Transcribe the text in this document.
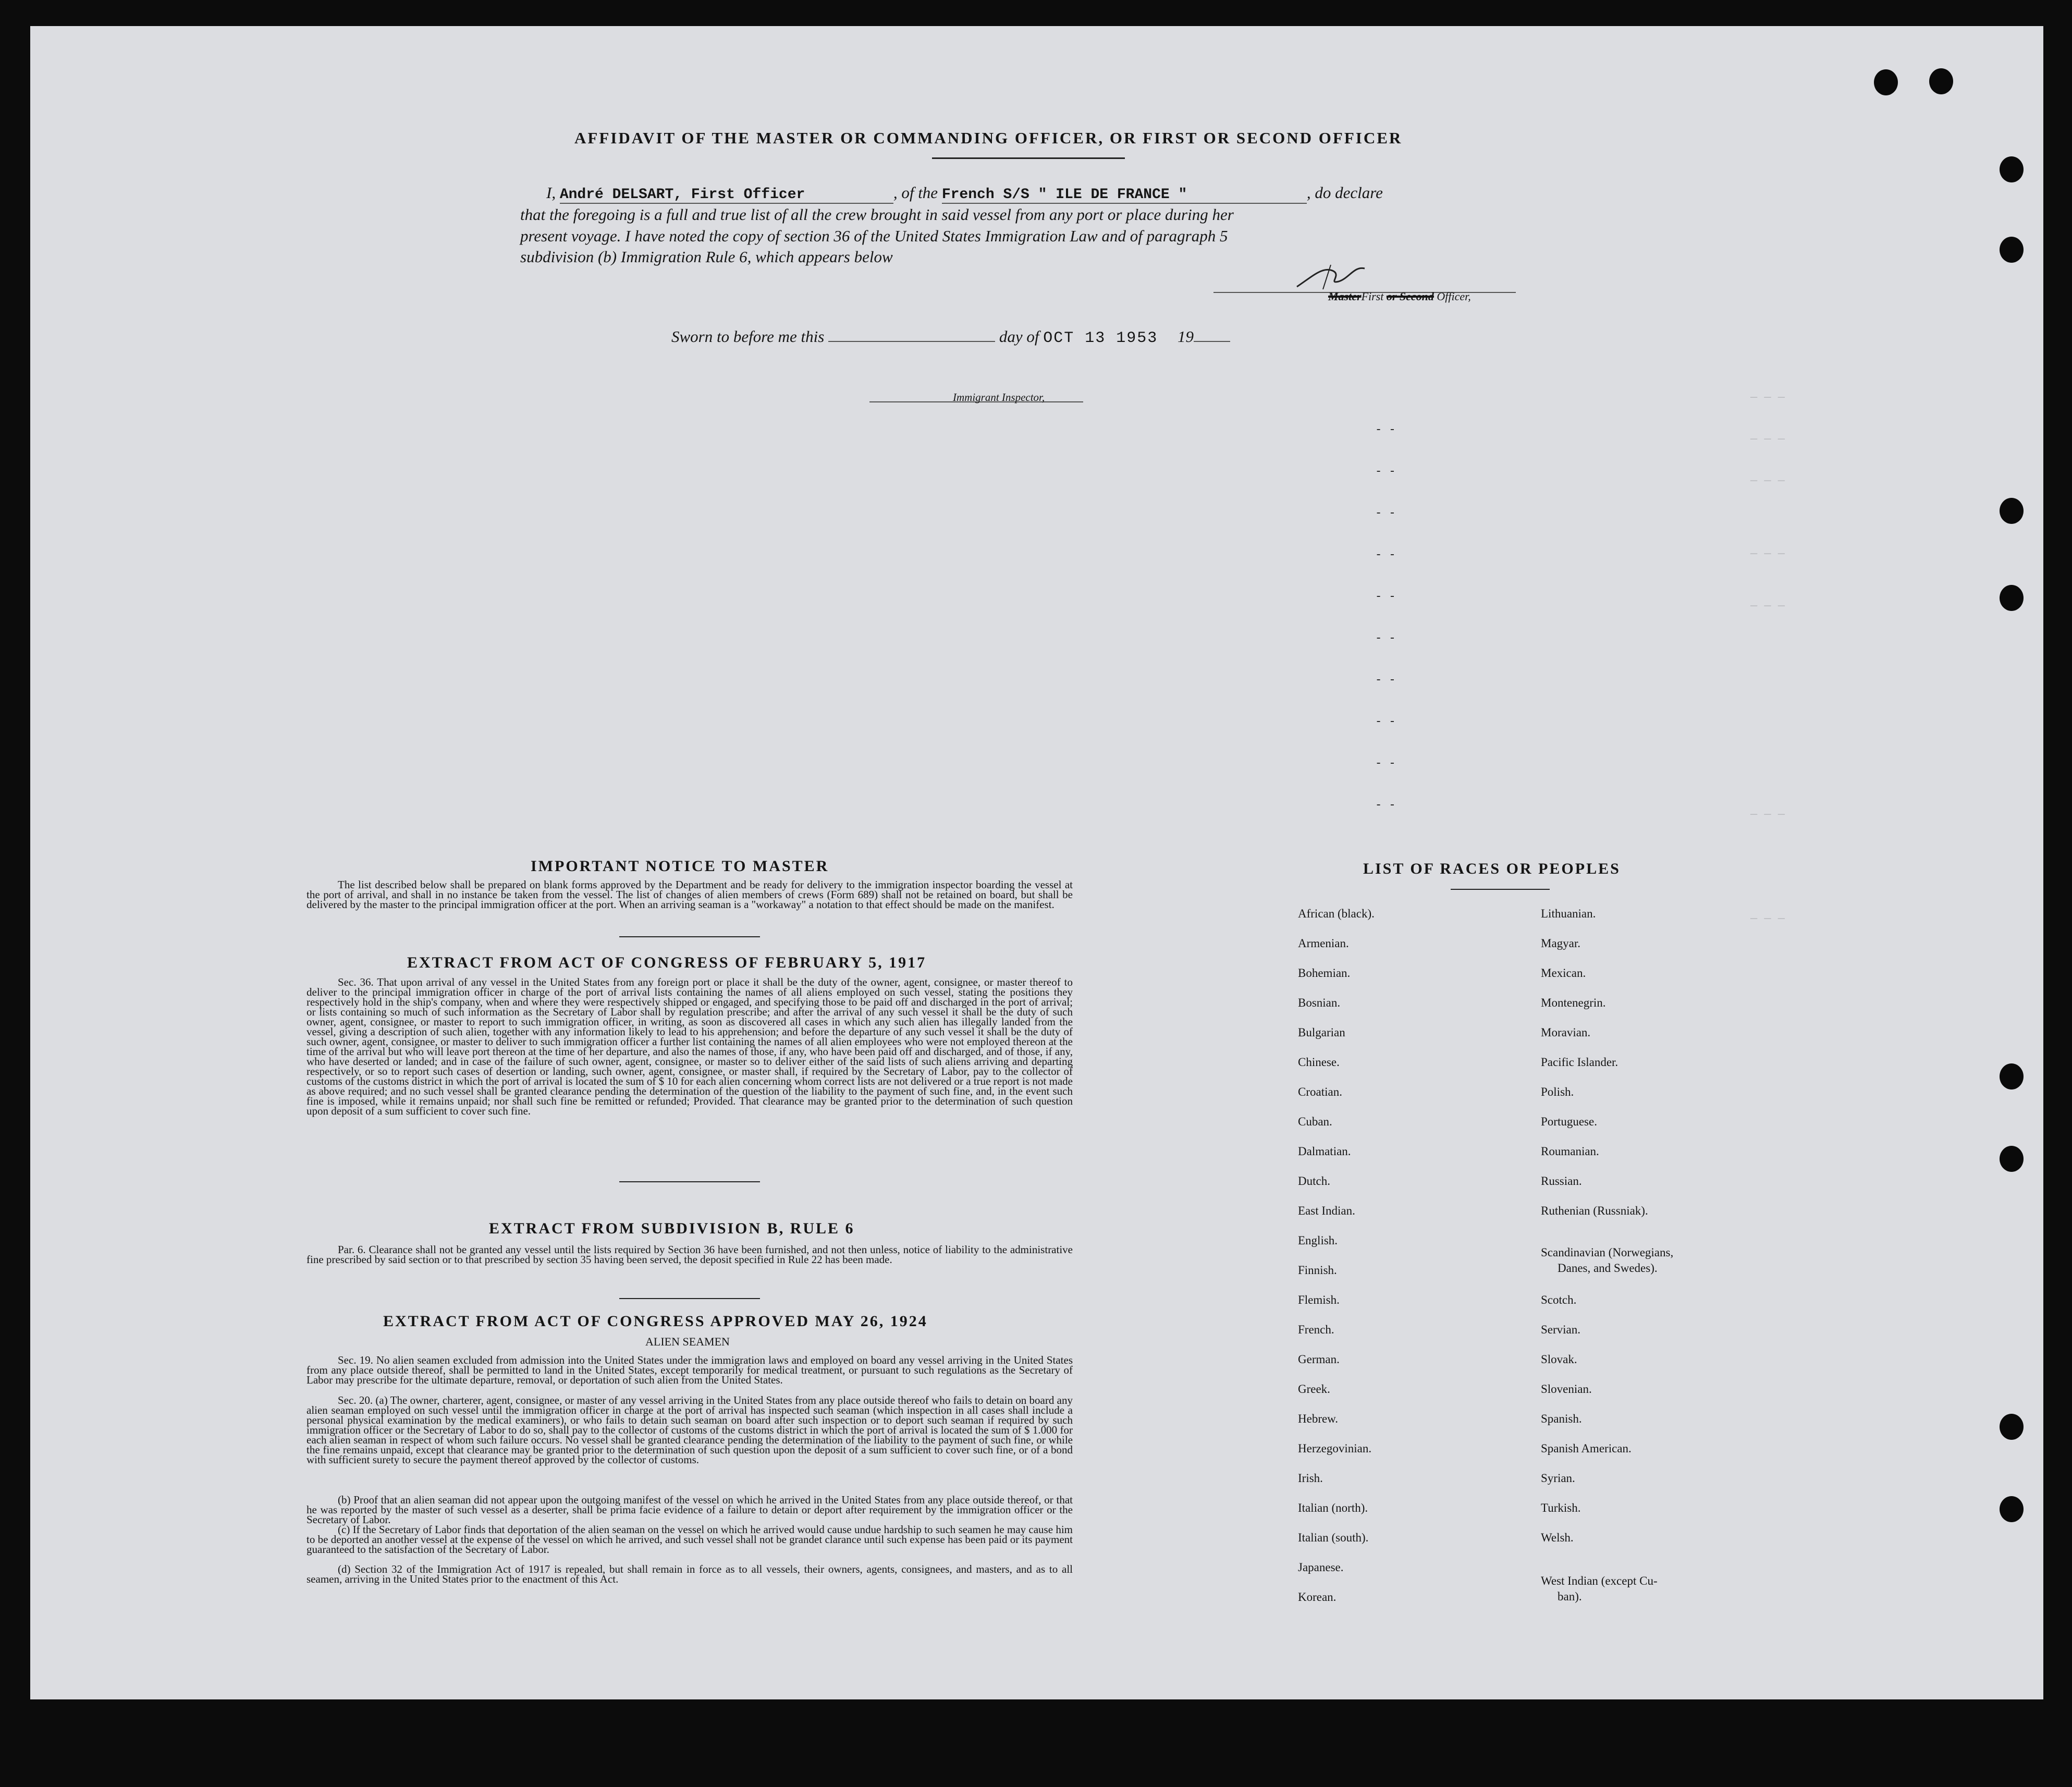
— — —
— — —
— — —
— — —
— — —
— — —
— — —
- -
- -
- -
- -
- -
- -
- -
- -
- -
- -
AFFIDAVIT OF THE MASTER OR COMMANDING OFFICER, OR FIRST OR SECOND OFFICER
I, André DELSART, First Officer	, of the French S/S " ILE DE FRANCE "	, do declare
that the foregoing is a full and true list of all the crew brought in said vessel from any port or place during her
present voyage. I have noted the copy of section 36 of the United States Immigration Law and of paragraph 5
subdivision (b) Immigration Rule 6, which appears below
MasterFirst or Second Officer,
Sworn to before me this	day of OCT 13 1953 19
Immigrant Inspector,
IMPORTANT NOTICE TO MASTER
The list described below shall be prepared on blank forms approved by the Department and be ready for delivery to the immigration inspector boarding the vessel at the port of arrival, and shall in no instance be taken from the vessel. The list of changes of alien members of crews (Form 689) shall not be retained on board, but shall be delivered by the master to the principal immigration officer at the port. When an arriving seaman is a "workaway" a notation to that effect should be made on the manifest.
EXTRACT FROM ACT OF CONGRESS OF FEBRUARY 5, 1917
Sec. 36. That upon arrival of any vessel in the United States from any foreign port or place it shall be the duty of the owner, agent, consignee, or master thereof to deliver to the principal immigration officer in charge of the port of arrival lists containing the names of all aliens employed on such vessel, stating the positions they respectively hold in the ship's company, when and where they were respectively shipped or engaged, and specifying those to be paid off and discharged in the port of arrival; or lists containing so much of such information as the Secretary of Labor shall by regulation prescribe; and after the arrival of any such vessel it shall be the duty of such owner, agent, consignee, or master to report to such immigration officer, in writing, as soon as discovered all cases in which any such alien has illegally landed from the vessel, giving a description of such alien, together with any information likely to lead to his apprehension; and before the departure of any such vessel it shall be the duty of such owner, agent, consignee, or master to deliver to such immigration officer a further list containing the names of all alien employees who were not employed thereon at the time of the arrival but who will leave port thereon at the time of her departure, and also the names of those, if any, who have been paid off and discharged, and of those, if any, who have deserted or landed; and in case of the failure of such owner, agent, consignee, or master so to deliver either of the said lists of such aliens arriving and departing respectively, or so to report such cases of desertion or landing, such owner, agent, consignee, or master shall, if required by the Secretary of Labor, pay to the collector of customs of the customs district in which the port of arrival is located the sum of $ 10 for each alien concerning whom correct lists are not delivered or a true report is not made as above required; and no such vessel shall be granted clearance pending the determination of the question of the liability to the payment of such fine, and, in the event such fine is imposed, while it remains unpaid; nor shall such fine be remitted or refunded; Provided. That clearance may be granted prior to the determination of such question upon deposit of a sum sufficient to cover such fine.
EXTRACT FROM SUBDIVISION B, RULE 6
Par. 6. Clearance shall not be granted any vessel until the lists required by Section 36 have been furnished, and not then unless, notice of liability to the administrative fine prescribed by said section or to that prescribed by section 35 having been served, the deposit specified in Rule 22 has been made.
EXTRACT FROM ACT OF CONGRESS APPROVED MAY 26, 1924
ALIEN SEAMEN
Sec. 19. No alien seamen excluded from admission into the United States under the immigration laws and employed on board any vessel arriving in the United States from any place outside thereof, shall be permitted to land in the United States, except temporarily for medical treatment, or pursuant to such regulations as the Secretary of Labor may prescribe for the ultimate departure, removal, or deportation of such alien from the United States.
Sec. 20. (a) The owner, charterer, agent, consignee, or master of any vessel arriving in the United States from any place outside thereof who fails to detain on board any alien seaman employed on such vessel until the immigration officer in charge at the port of arrival has inspected such seaman (which inspection in all cases shall include a personal physical examination by the medical examiners), or who fails to detain such seaman on board after such inspection or to deport such seaman if required by such immigration officer or the Secretary of Labor to do so, shall pay to the collector of customs of the customs district in which the port of arrival is located the sum of $ 1.000 for each alien seaman in respect of whom such failure occurs. No vessel shall be granted clearance pending the determination of the liability to the payment of such fine, or while the fine remains unpaid, except that clearance may be granted prior to the determination of such question upon the deposit of a sum sufficient to cover such fine, or of a bond with sufficient surety to secure the payment thereof approved by the collector of customs.
(b) Proof that an alien seaman did not appear upon the outgoing manifest of the vessel on which he arrived in the United States from any place outside thereof, or that he was reported by the master of such vessel as a deserter, shall be prima facie evidence of a failure to detain or deport after requirement by the immigration officer or the Secretary of Labor.
(c) If the Secretary of Labor finds that deportation of the alien seaman on the vessel on which he arrived would cause undue hardship to such seamen he may cause him to be deported an another vessel at the expense of the vessel on which he arrived, and such vessel shall not be grandet clarance until such expense has been paid or its payment guaranteed to the satisfaction of the Secretary of Labor.
(d) Section 32 of the Immigration Act of 1917 is repealed, but shall remain in force as to all vessels, their owners, agents, consignees, and masters, and as to all seamen, arriving in the United States prior to the enactment of this Act.
LIST OF RACES OR PEOPLES
African (black).
Armenian.
Bohemian.
Bosnian.
Bulgarian
Chinese.
Croatian.
Cuban.
Dalmatian.
Dutch.
East Indian.
English.
Finnish.
Flemish.
French.
German.
Greek.
Hebrew.
Herzegovinian.
Irish.
Italian (north).
Italian (south).
Japanese.
Korean.
Lithuanian.
Magyar.
Mexican.
Montenegrin.
Moravian.
Pacific Islander.
Polish.
Portuguese.
Roumanian.
Russian.
Ruthenian (Russniak).
Scandinavian (Norwegians,
Danes, and Swedes).
Scotch.
Servian.
Slovak.
Slovenian.
Spanish.
Spanish American.
Syrian.
Turkish.
Welsh.
West Indian (except Cu-
ban).
